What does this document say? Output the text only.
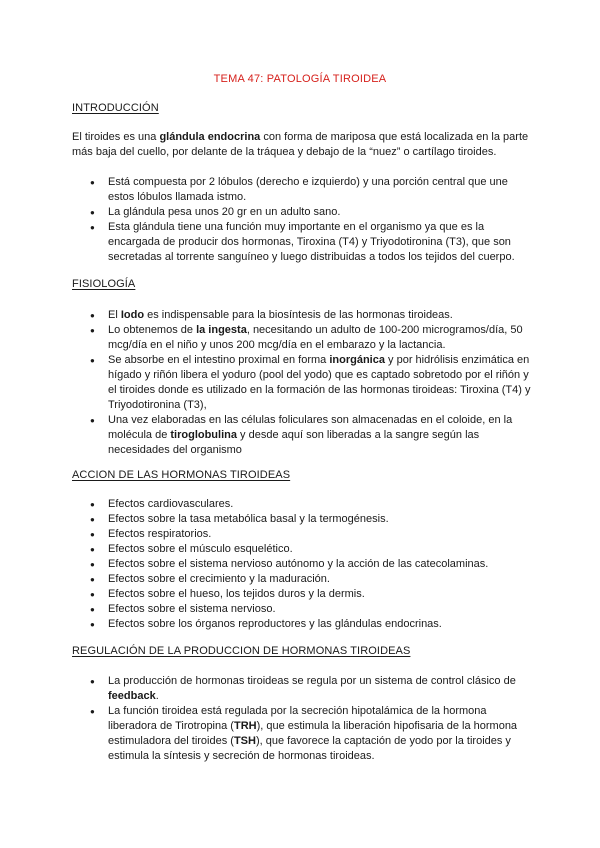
TEMA 47: PATOLOGÍA TIROIDEA
INTRODUCCIÓN

El tiroides es una glándula endocrina con forma de mariposa que está localizada en la parte más baja del cuello, por delante de la tráquea y debajo de la “nuez” o cartílago tiroides.

● Está compuesta por 2 lóbulos (derecho e izquierdo) y una porción central que une estos lóbulos llamada istmo.
● La glándula pesa unos 20 gr en un adulto sano.
● Esta glándula tiene una función muy importante en el organismo ya que es la encargada de producir dos hormonas, Tiroxina (T4) y Triyodotironina (T3), que son secretadas al torrente sanguíneo y luego distribuidas a todos los tejidos del cuerpo.
FISIOLOGÍA
● El Iodo es indispensable para la biosíntesis de las hormonas tiroideas.
● Lo obtenemos de la ingesta, necesitando un adulto de 100-200 microgramos/día, 50 mcg/día en el niño y unos 200 mcg/día en el embarazo y la lactancia.
● Se absorbe en el intestino proximal en forma inorgánica y por hidrólisis enzimática en hígado y riñón libera el yoduro (pool del yodo) que es captado sobretodo por el riñón y el tiroides donde es utilizado en la formación de las hormonas tiroideas: Tiroxina (T4) y Triyodotironina (T3),
● Una vez elaboradas en las células foliculares son almacenadas en el coloide, en la molécula de tiroglobulina y desde aquí son liberadas a la sangre según las necesidades del organismo
ACCION DE LAS HORMONAS TIROIDEAS
● Efectos cardiovasculares.
● Efectos sobre la tasa metabólica basal y la termogénesis.
● Efectos respiratorios.
● Efectos sobre el músculo esquelético.
● Efectos sobre el sistema nervioso autónomo y la acción de las catecolaminas.
● Efectos sobre el crecimiento y la maduración.
● Efectos sobre el hueso, los tejidos duros y la dermis.
● Efectos sobre el sistema nervioso.
● Efectos sobre los órganos reproductores y las glándulas endocrinas.
REGULACIÓN DE LA PRODUCCION DE HORMONAS TIROIDEAS
● La producción de hormonas tiroideas se regula por un sistema de control clásico de feedback.
● La función tiroidea está regulada por la secreción hipotalámica de la hormona liberadora de Tirotropina (TRH), que estimula la liberación hipofisaria de la hormona estimuladora del tiroides (TSH), que favorece la captación de yodo por la tiroides y estimula la síntesis y secreción de hormonas tiroideas.
